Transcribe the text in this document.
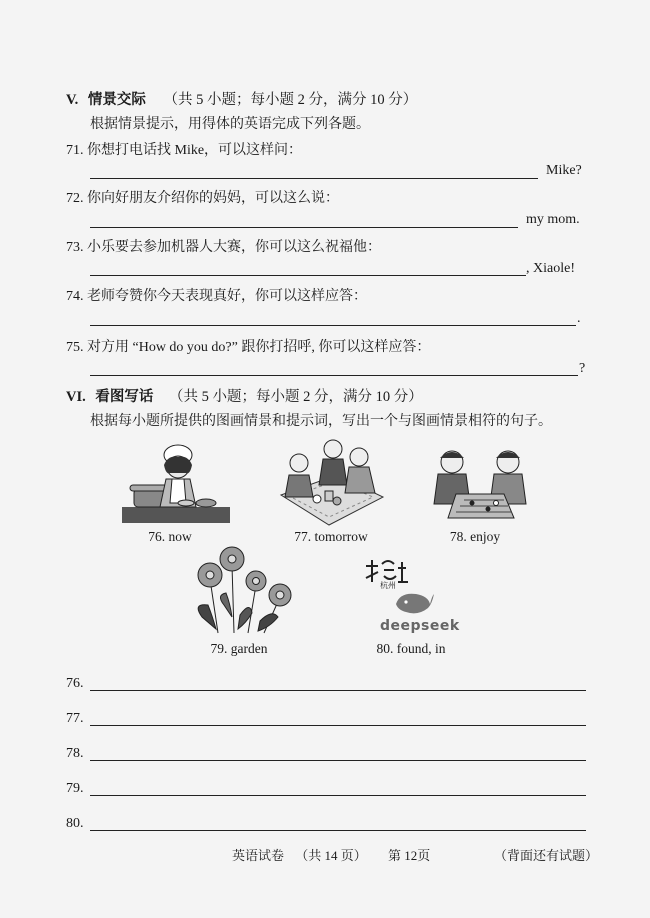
V. 情景交际 （共 5 小题；每小题 2 分，满分 10 分）
根据情景提示，用得体的英语完成下列各题。
71. 你想打电话找 Mike，可以这样问：
Mike?
72. 你向好朋友介绍你的妈妈，可以这么说：
my mom.
73. 小乐要去参加机器人大赛，你可以这么祝福他：
, Xiaole!
74. 老师夸赞你今天表现真好，你可以这样应答：
.
75. 对方用 “How do you do?” 跟你打招呼, 你可以这样应答：
?
VI. 看图写话 （共 5 小题；每小题 2 分，满分 10 分）
根据每小题所提供的图画情景和提示词，写出一个与图画情景相符的句子。
76. now	77. tomorrow	78. enjoy
79. garden
杭州
deepseek
80. found, in
76.
77.
78.
79.
80.
英语试卷 （共 14 页） 第 12页	（背面还有试题）
